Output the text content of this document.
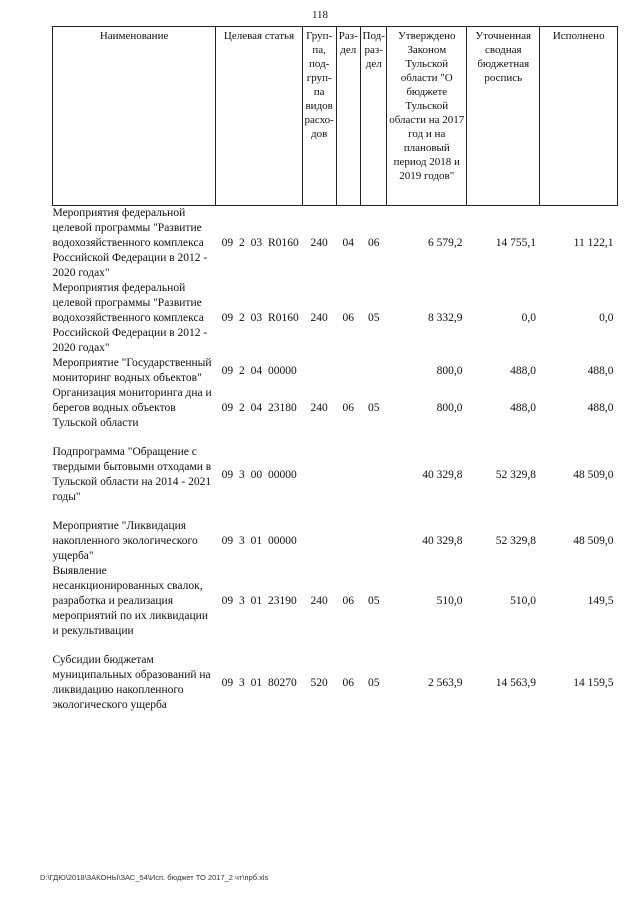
118
Наименование	Целевая статья	Груп-па, под-груп-па видов расхо-дов	Раз-дел	Под-раз-дел	Утверждено Законом Тульской области "О бюджете Тульской области на 2017 год и на плановый период 2018 и 2019 годов"	Уточненная сводная бюджетная роспись	Исполнено
Мероприятия федеральной целевой программы "Развитие водохозяйственного комплекса Российской Федерации в 2012 - 2020 годах"	09 2 03 R0160	240	04	06	6 579,2	14 755,1	11 122,1
Мероприятия федеральной целевой программы "Развитие водохозяйственного комплекса Российской Федерации в 2012 - 2020 годах"	09 2 03 R0160	240	06	05	8 332,9	0,0	0,0
Мероприятие "Государственный мониторинг водных объектов"	09 2 04 00000				800,0	488,0	488,0
Организация мониторинга дна и берегов водных объектов Тульской области	09 2 04 23180	240	06	05	800,0	488,0	488,0

Подпрограмма "Обращение с твердыми бытовыми отходами в Тульской области на 2014 - 2021 годы"	09 3 00 00000				40 329,8	52 329,8	48 509,0

Мероприятие "Ликвидация накопленного экологического ущерба"	09 3 01 00000				40 329,8	52 329,8	48 509,0
Выявление несанкционированных свалок, разработка и реализация мероприятий по их ликвидации и рекультивации	09 3 01 23190	240	06	05	510,0	510,0	149,5

Субсидии бюджетам муниципальных образований на ликвидацию накопленного экологического ущерба	09 3 01 80270	520	06	05	2 563,9	14 563,9	14 159,5
D:\ГДЮ\2018\ЗАКОНЫ\ЗАС_54\Исп. бюджет ТО 2017_2 чт\прб.xls
